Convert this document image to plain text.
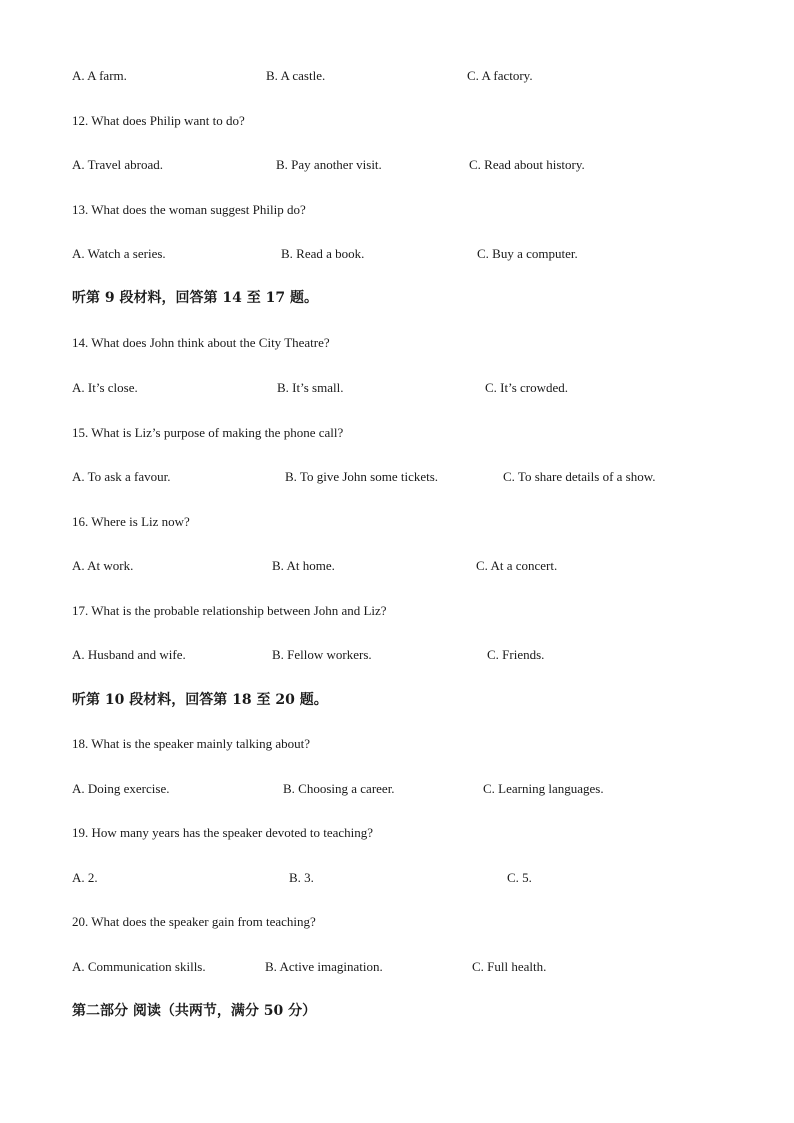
A. A farm.	B. A castle.	C. A factory.
12. What does Philip want to do?
A. Travel abroad.	B. Pay another visit.	C. Read about history.
13. What does the woman suggest Philip do?
A. Watch a series.	B. Read a book.	C. Buy a computer.
听第 9 段材料，回答第 14 至 17 题。
14. What does John think about the City Theatre?
A. It’s close.	B. It’s small.	C. It’s crowded.
15. What is Liz’s purpose of making the phone call?
A. To ask a favour.	B. To give John some tickets.	C. To share details of a show.
16. Where is Liz now?
A. At work.	B. At home.	C. At a concert.
17. What is the probable relationship between John and Liz?
A. Husband and wife.	B. Fellow workers.	C. Friends.
听第 10 段材料，回答第 18 至 20 题。
18. What is the speaker mainly talking about?
A. Doing exercise.	B. Choosing a career.	C. Learning languages.
19. How many years has the speaker devoted to teaching?
A. 2.	B. 3.	C. 5.
20. What does the speaker gain from teaching?
A. Communication skills.	B. Active imagination.	C. Full health.
第二部分 阅读（共两节，满分 50 分）
